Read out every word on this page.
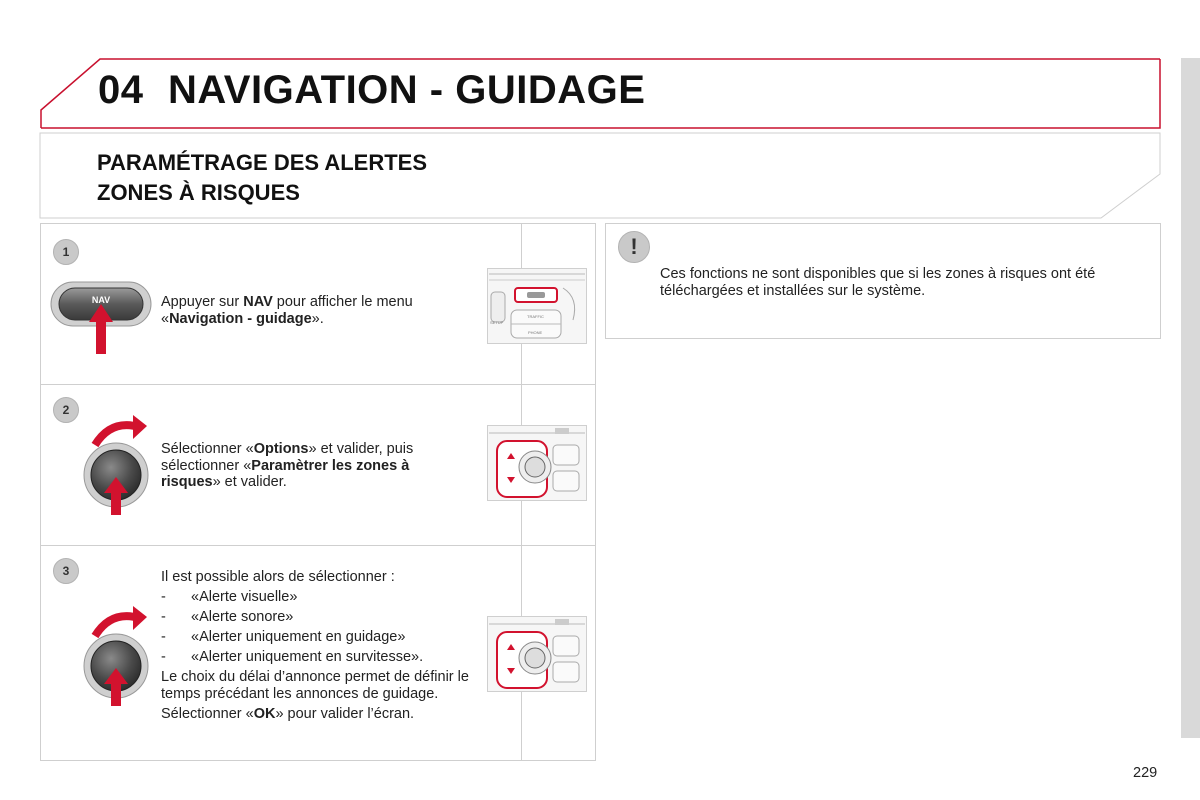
04 NAVIGATION - GUIDAGE
PARAMÉTRAGE DES ALERTES
ZONES À RISQUES
1
NAV	Appuyer sur NAV pour afficher le menu «Navigation - guidage».	SETUP
TRAFFIC
PHONE
2
Sélectionner «Options» et valider, puis sélectionner «Paramètrer les zones à risques» et valider.
3	Il est possible alors de sélectionner :
- «Alerte visuelle»
- «Alerte sonore»
- «Alerter uniquement en guidage»
- «Alerter uniquement en survitesse».
Le choix du délai d’annonce permet de définir le temps précédant les annonces de guidage.
Sélectionner «OK» pour valider l’écran.
!
Ces fonctions ne sont disponibles que si les zones à risques ont été téléchargées et installées sur le système.
229
